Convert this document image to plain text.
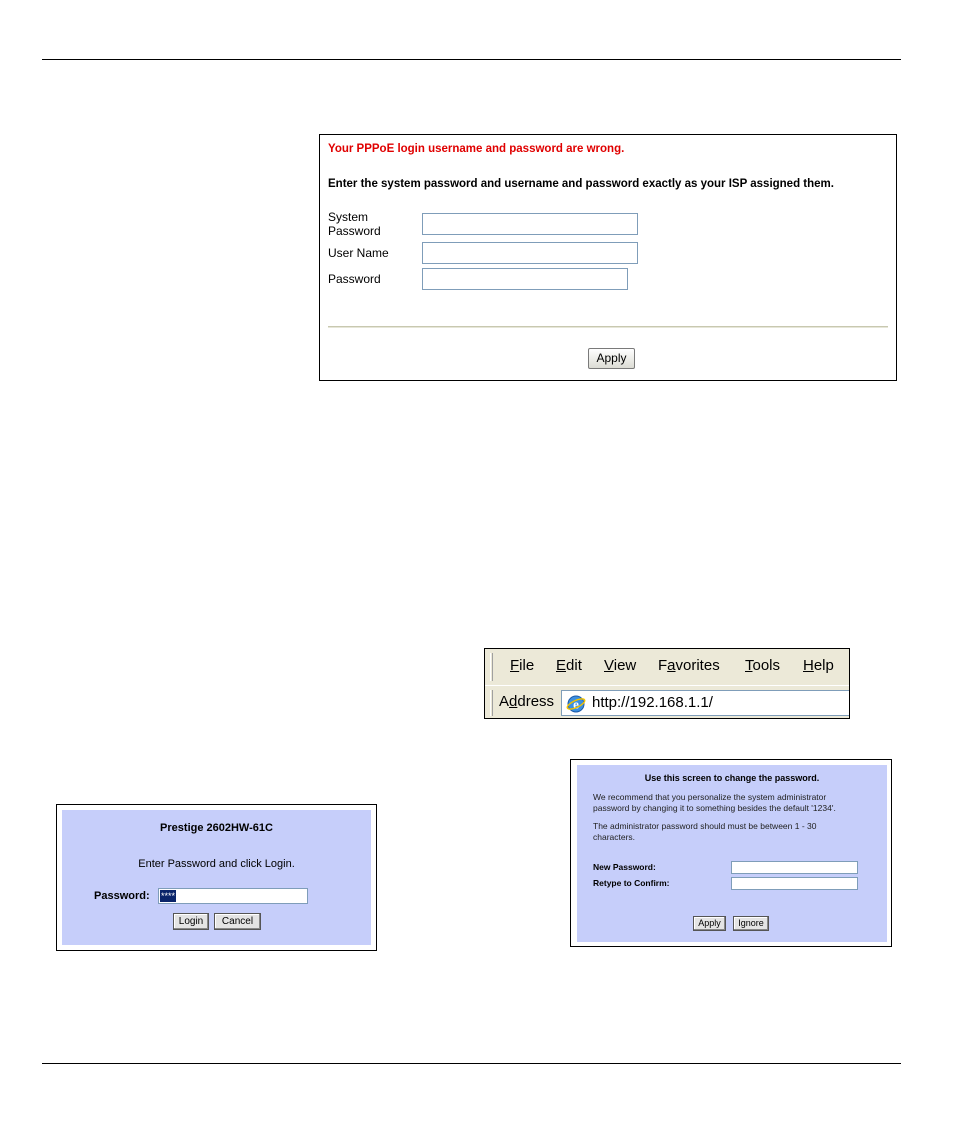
Your PPPoE login username and password are wrong.
Enter the system password and username and password exactly as your ISP assigned them.
System
Password
User Name
Password
Apply
File Edit View Favorites Tools Help
Address e http://192.168.1.1/
Prestige 2602HW-61C
Enter Password and click Login.
Password: ****
Login	Cancel
Use this screen to change the password.
We recommend that you personalize the system administrator
password by changing it to something besides the default '1234'.
The administrator password should must be between 1 - 30
characters.
New Password:
Retype to Confirm:
Apply	Ignore
